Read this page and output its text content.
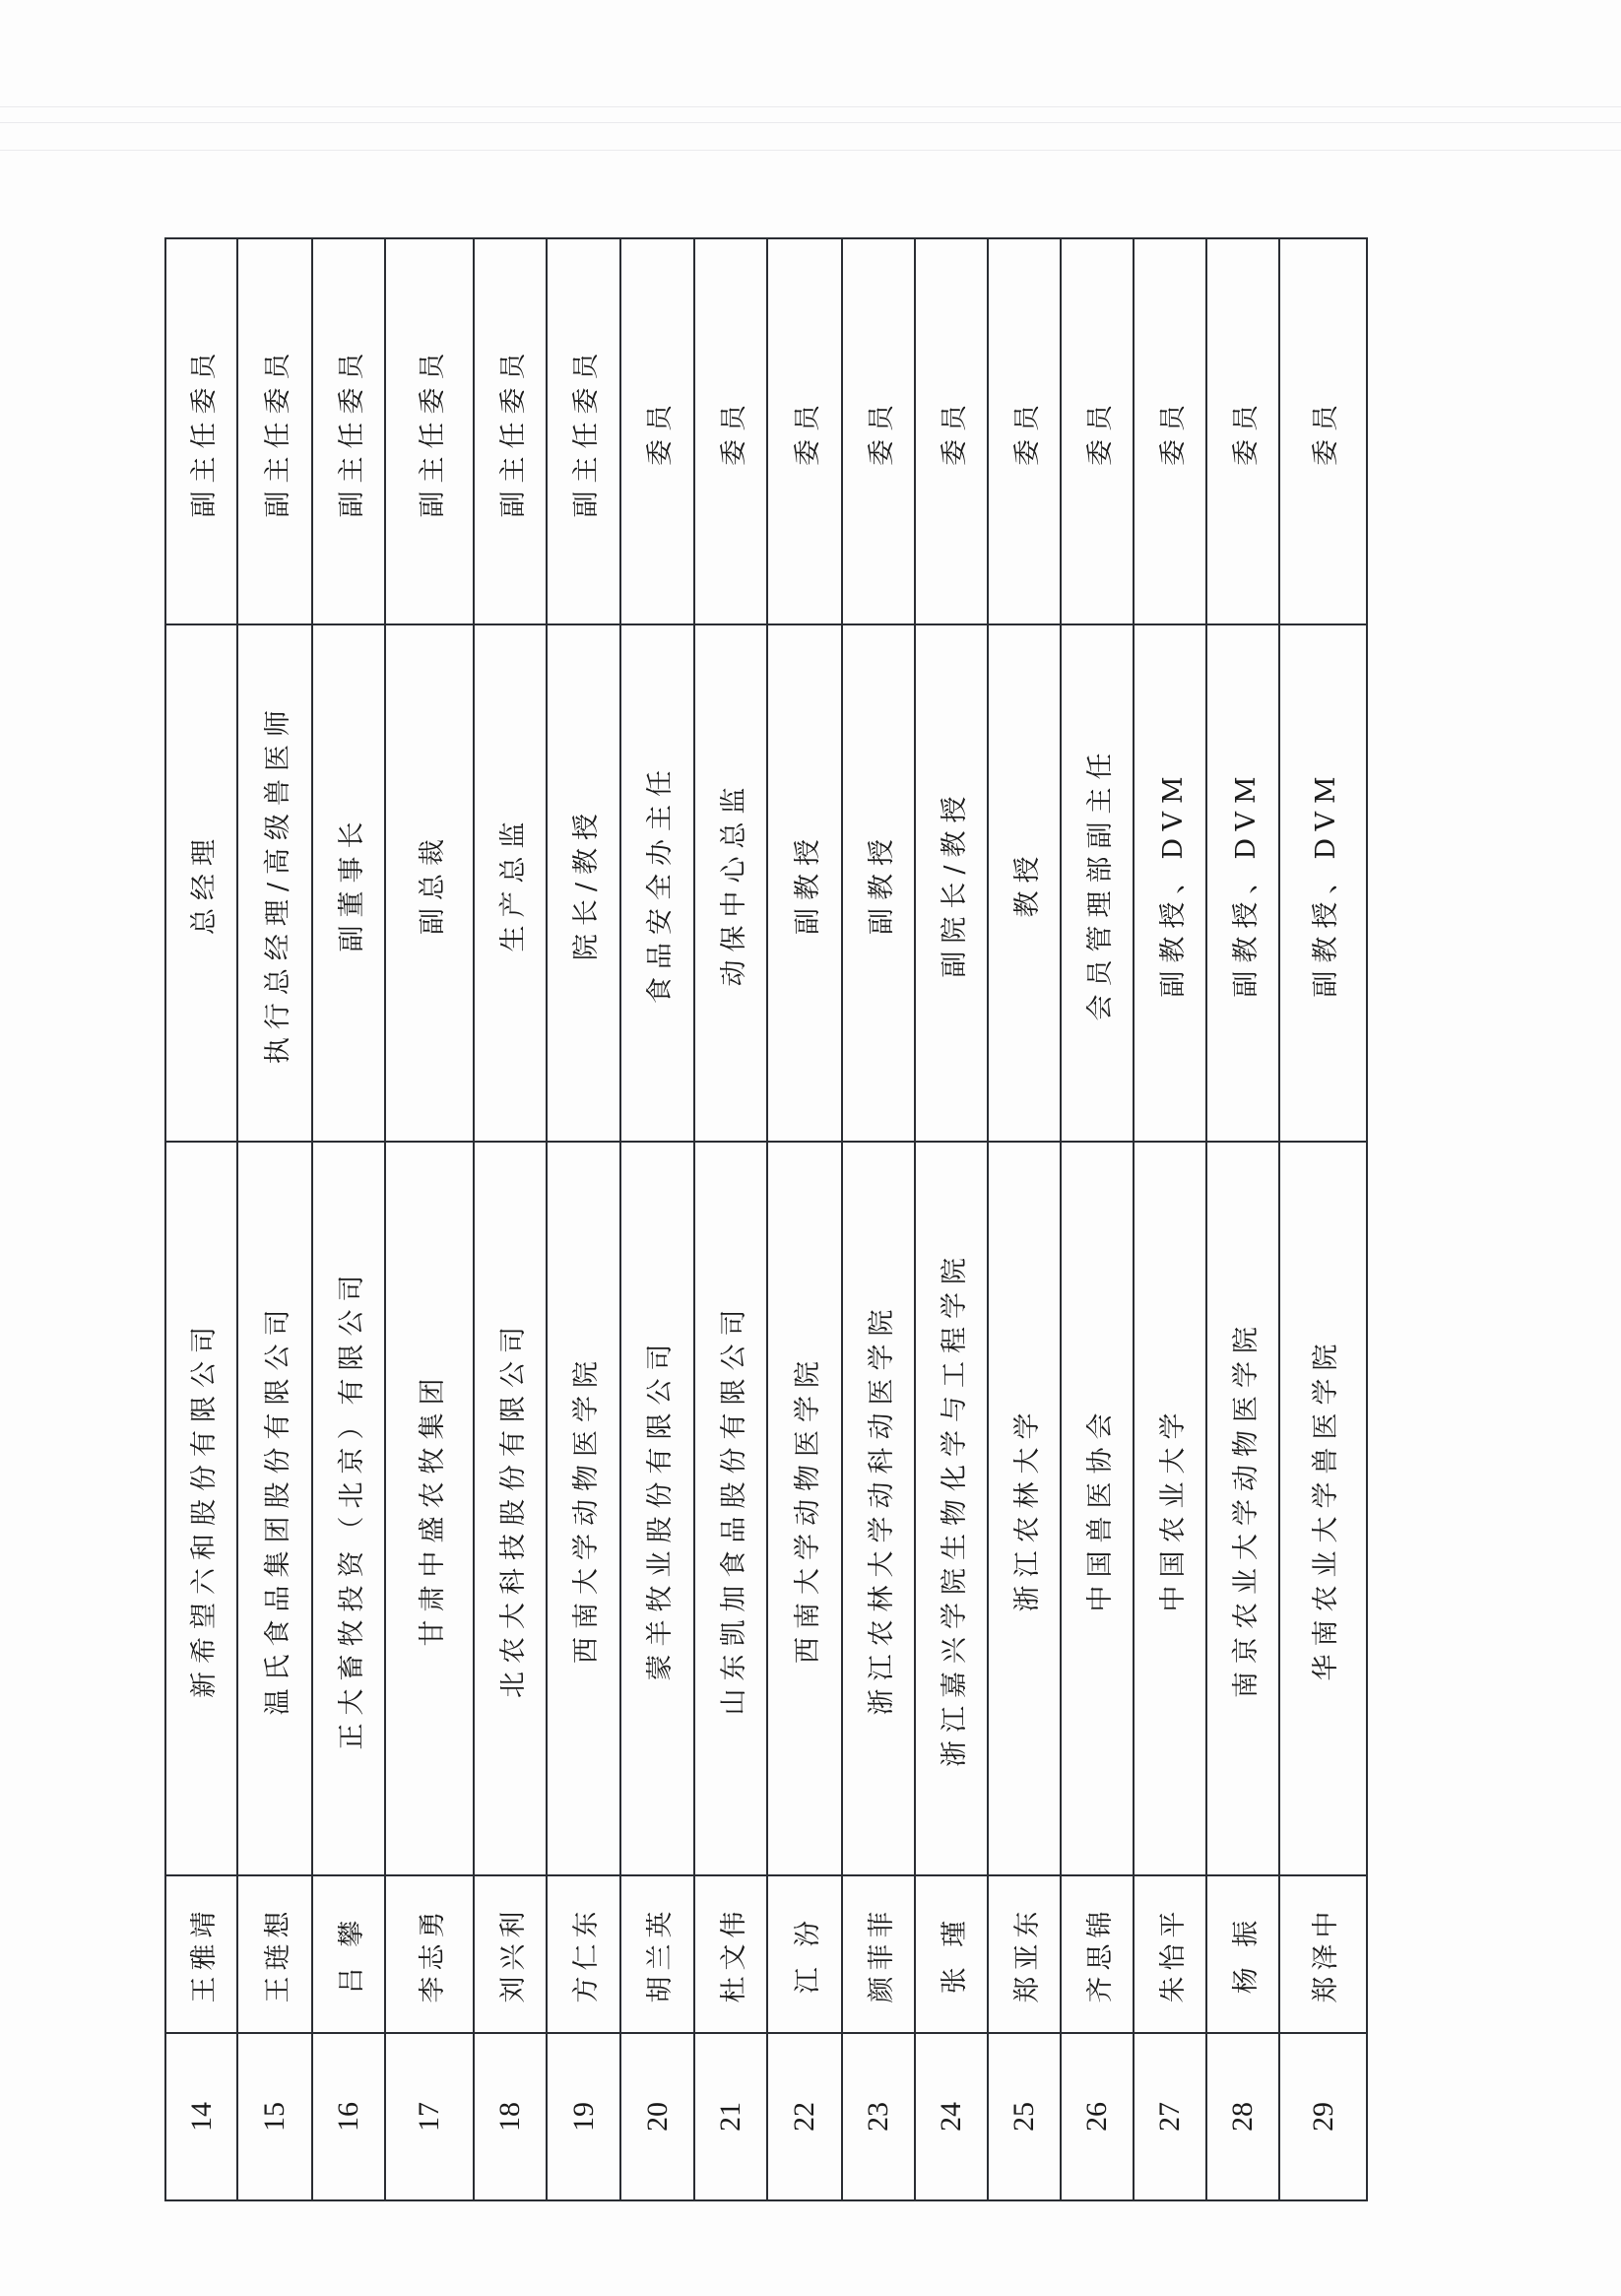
14	王雅靖	新希望六和股份有限公司	总经理	副主任委员
15	王琏想	温氏食品集团股份有限公司	执行总经理/高级兽医师	副主任委员
16	吕 攀	正大畜牧投资（北京）有限公司	副董事长	副主任委员
17	李志勇	甘肃中盛农牧集团	副总裁	副主任委员
18	刘兴利	北农大科技股份有限公司	生产总监	副主任委员
19	方仁东	西南大学动物医学院	院长/教授	副主任委员
20	胡兰英	蒙羊牧业股份有限公司	食品安全办主任	委员
21	杜文伟	山东凯加食品股份有限公司	动保中心总监	委员
22	江 汾	西南大学动物医学院	副教授	委员
23	颜菲菲	浙江农林大学动科动医学院	副教授	委员
24	张 瑾	浙江嘉兴学院生物化学与工程学院	副院长/教授	委员
25	郑亚东	浙江农林大学	教授	委员
26	齐思锦	中国兽医协会	会员管理部副主任	委员
27	朱怡平	中国农业大学	副教授、DVM	委员
28	杨 振	南京农业大学动物医学院	副教授、DVM	委员
29	郑泽中	华南农业大学兽医学院	副教授、DVM	委员
